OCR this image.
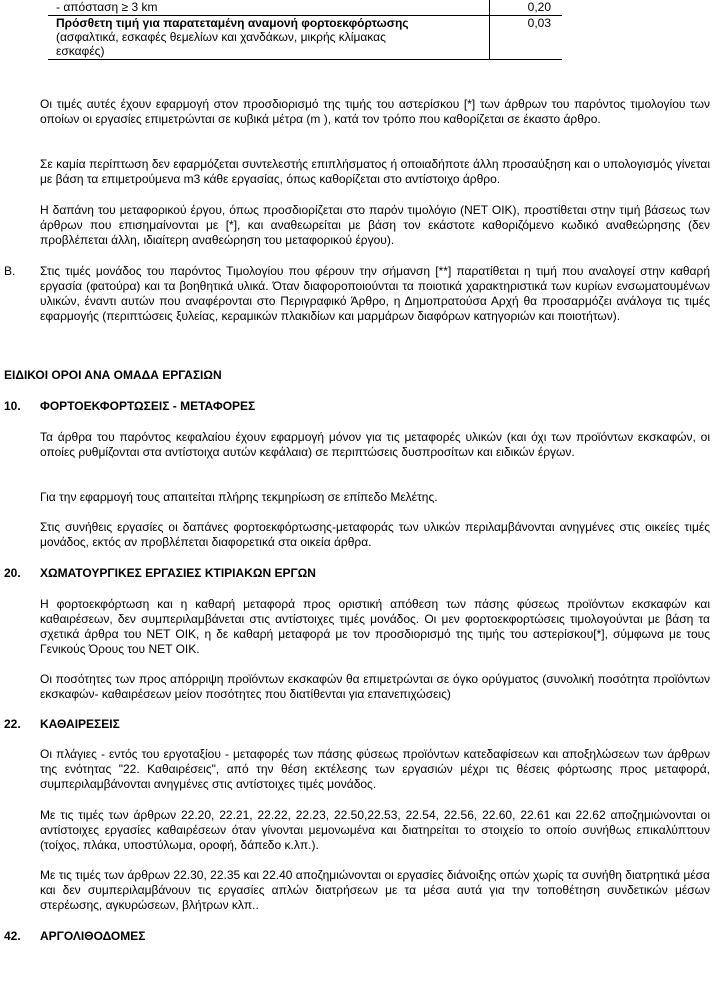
- απόσταση ≥ 3 km	0,20

Πρόσθετη τιμή για παρατεταμένη αναμονή φορτοεκφόρτωσης
(ασφαλτικά, εσκαφές θεμελίων και χανδάκων, μικρής κλίμακας εσκαφές)	0,03
Οι τιμές αυτές έχουν εφαρμογή στον προσδιορισμό της τιμής του αστερίσκου [*] των άρθρων του παρόντος τιμολογίου των οποίων οι εργασίες επιμετρώνται σε κυβικά μέτρα (m ), κατά τον τρόπο που καθορίζεται σε έκαστο άρθρο.
Σε καμία περίπτωση δεν εφαρμόζεται συντελεστής επιπλήσματος ή οποιαδήποτε άλλη προσαύξηση και ο υπολογισμός γίνεται με βάση τα επιμετρούμενα m3 κάθε εργασίας, όπως καθορίζεται στο αντίστοιχο άρθρο.
Η δαπάνη του μεταφορικού έργου, όπως προσδιορίζεται στο παρόν τιμολόγιο (ΝΕΤ ΟΙΚ), προστίθεται στην τιμή βάσεως των άρθρων που επισημαίνονται με [*], και αναθεωρείται με βάση τον εκάστοτε καθοριζόμενο κωδικό αναθεώρησης (δεν προβλέπεται άλλη, ιδιαίτερη αναθεώρηση του μεταφορικού έργου).
Β. Στις τιμές μονάδος του παρόντος Τιμολογίου που φέρουν την σήμανση [**] παρατίθεται η τιμή που αναλογεί στην καθαρή εργασία (φατούρα) και τα βοηθητικά υλικά. Όταν διαφοροποιούνται τα ποιοτικά χαρακτηριστικά των κυρίων ενσωματουμένων υλικών, έναντι αυτών που αναφέρονται στο Περιγραφικό Άρθρο, η Δημοπρατούσα Αρχή θα προσαρμόζει ανάλογα τις τιμές εφαρμογής (περιπτώσεις ξυλείας, κεραμικών πλακιδίων και μαρμάρων διαφόρων κατηγοριών και ποιοτήτων).
ΕΙΔΙΚΟΙ ΟΡΟΙ ΑΝΑ ΟΜΑΔΑ ΕΡΓΑΣΙΩΝ
10. ΦΟΡΤΟΕΚΦΟΡΤΩΣΕΙΣ - ΜΕΤΑΦΟΡΕΣ
Τα άρθρα του παρόντος κεφαλαίου έχουν εφαρμογή μόνον για τις μεταφορές υλικών (και όχι των προϊόντων εκσκαφών, οι οποίες ρυθμίζονται στα αντίστοιχα αυτών κεφάλαια) σε περιπτώσεις δυσπροσίτων και ειδικών έργων.
Για την εφαρμογή τους απαιτείται πλήρης τεκμηρίωση σε επίπεδο Μελέτης.
Στις συνήθεις εργασίες οι δαπάνες φορτοεκφόρτωσης-μεταφοράς των υλικών περιλαμβάνονται ανηγμένες στις οικείες τιμές μονάδος, εκτός αν προβλέπεται διαφορετικά στα οικεία άρθρα.
20. ΧΩΜΑΤΟΥΡΓΙΚΕΣ ΕΡΓΑΣΙΕΣ ΚΤΙΡΙΑΚΩΝ ΕΡΓΩΝ
Η φορτοεκφόρτωση και η καθαρή μεταφορά προς οριστική απόθεση των πάσης φύσεως προϊόντων εκσκαφών και καθαιρέσεων, δεν συμπεριλαμβάνεται στις αντίστοιχες τιμές μονάδος. Οι μεν φορτοεκφορτώσεις τιμολογούνται με βάση τα σχετικά άρθρα του ΝΕΤ ΟΙΚ, η δε καθαρή μεταφορά με τον προσδιορισμό της τιμής του αστερίσκου[*], σύμφωνα με τους Γενικούς Όρους του ΝΕΤ ΟΙΚ.
Οι ποσότητες των προς απόρριψη προϊόντων εκσκαφών θα επιμετρώνται σε όγκο ορύγματος (συνολική ποσότητα προϊόντων εκσκαφών- καθαιρέσεων μείον ποσότητες που διατίθενται για επανεπιχώσεις)
22. ΚΑΘΑΙΡΕΣΕΙΣ
Οι πλάγιες - εντός του εργοταξίου - μεταφορές των πάσης φύσεως προϊόντων κατεδαφίσεων και αποξηλώσεων των άρθρων της ενότητας "22. Καθαιρέσεις", από την θέση εκτέλεσης των εργασιών μέχρι τις θέσεις φόρτωσης προς μεταφορά, συμπεριλαμβάνονται ανηγμένες στις αντίστοιχες τιμές μονάδος.
Με τις τιμές των άρθρων 22.20, 22.21, 22.22, 22.23, 22.50,22.53, 22.54, 22.56, 22.60, 22.61 και 22.62 αποζημιώνονται οι αντίστοιχες εργασίες καθαιρέσεων όταν γίνονται μεμονωμένα και διατηρείται το στοιχείο το οποίο συνήθως επικαλύπτουν (τοίχος, πλάκα, υποστύλωμα, οροφή, δάπεδο κ.λπ.).
Με τις τιμές των άρθρων 22.30, 22.35 και 22.40 αποζημιώνονται οι εργασίες διάνοιξης οπών χωρίς τα συνήθη διατρητικά μέσα και δεν συμπεριλαμβάνουν τις εργασίες απλών διατρήσεων με τα μέσα αυτά για την τοποθέτηση συνδετικών μέσων στερέωσης, αγκυρώσεων, βλήτρων κλπ..
42. ΑΡΓΟΛΙΘΟΔΟΜΕΣ
